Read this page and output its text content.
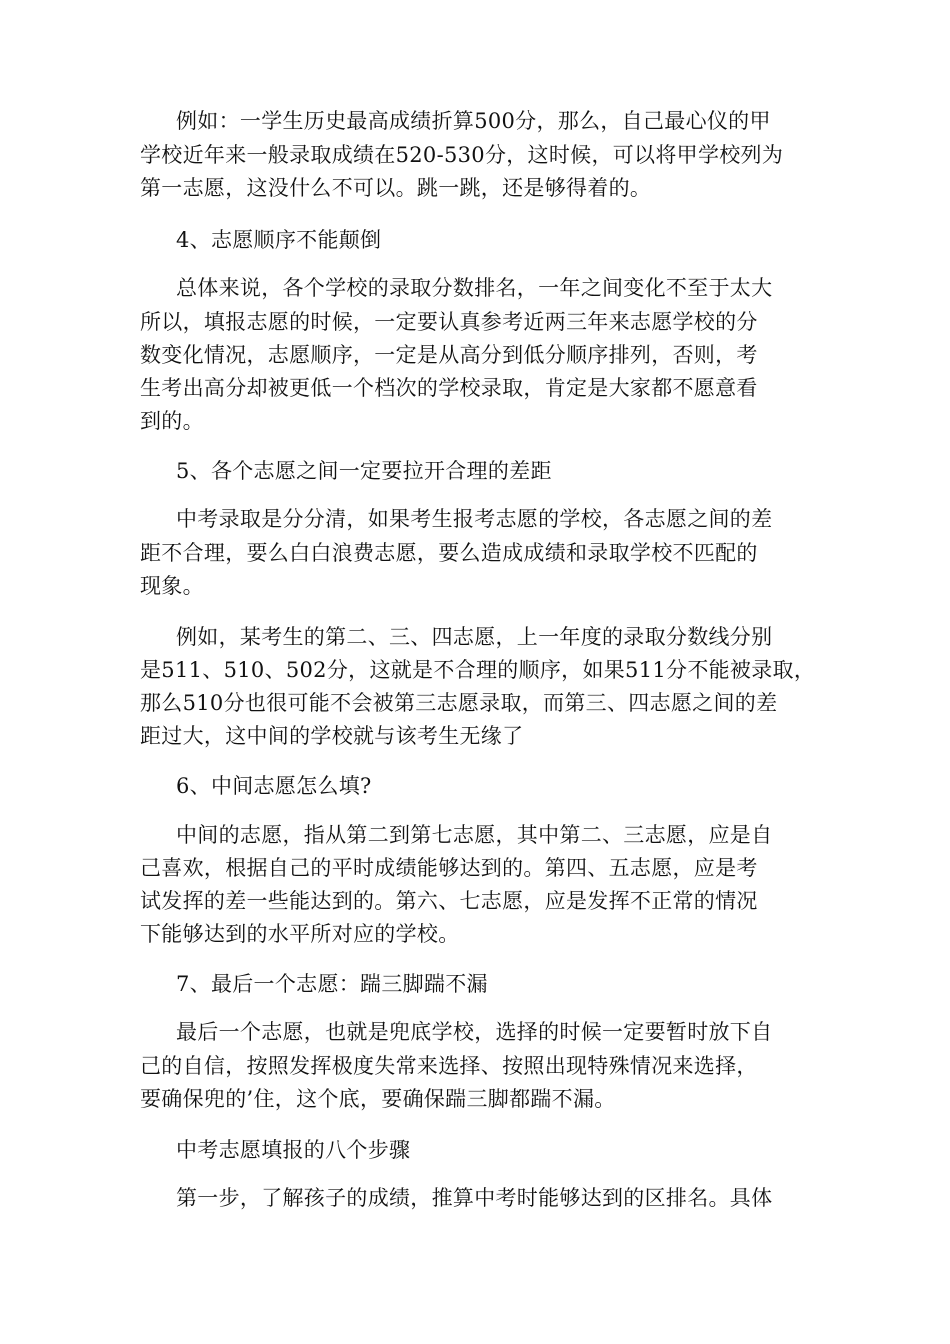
例如：一学生历史最高成绩折算500分，那么，自己最心仪的甲
学校近年来一般录取成绩在520-530分，这时候，可以将甲学校列为
第一志愿，这没什么不可以。跳一跳，还是够得着的。
4、志愿顺序不能颠倒
总体来说，各个学校的录取分数排名，一年之间变化不至于太大
所以，填报志愿的时候，一定要认真参考近两三年来志愿学校的分
数变化情况，志愿顺序，一定是从高分到低分顺序排列，否则，考
生考出高分却被更低一个档次的学校录取，肯定是大家都不愿意看
到的。
5、各个志愿之间一定要拉开合理的差距
中考录取是分分清，如果考生报考志愿的学校，各志愿之间的差
距不合理，要么白白浪费志愿，要么造成成绩和录取学校不匹配的
现象。
例如，某考生的第二、三、四志愿，上一年度的录取分数线分别
是511、510、502分，这就是不合理的顺序，如果511分不能被录取，
那么510分也很可能不会被第三志愿录取，而第三、四志愿之间的差
距过大，这中间的学校就与该考生无缘了
6、中间志愿怎么填?
中间的志愿，指从第二到第七志愿，其中第二、三志愿，应是自
己喜欢，根据自己的平时成绩能够达到的。第四、五志愿，应是考
试发挥的差一些能达到的。第六、七志愿，应是发挥不正常的情况
下能够达到的水平所对应的学校。
7、最后一个志愿：踹三脚踹不漏
最后一个志愿，也就是兜底学校，选择的时候一定要暂时放下自
己的自信，按照发挥极度失常来选择、按照出现特殊情况来选择，
要确保兜的’住，这个底，要确保踹三脚都踹不漏。
中考志愿填报的八个步骤
第一步，了解孩子的成绩，推算中考时能够达到的区排名。具体
